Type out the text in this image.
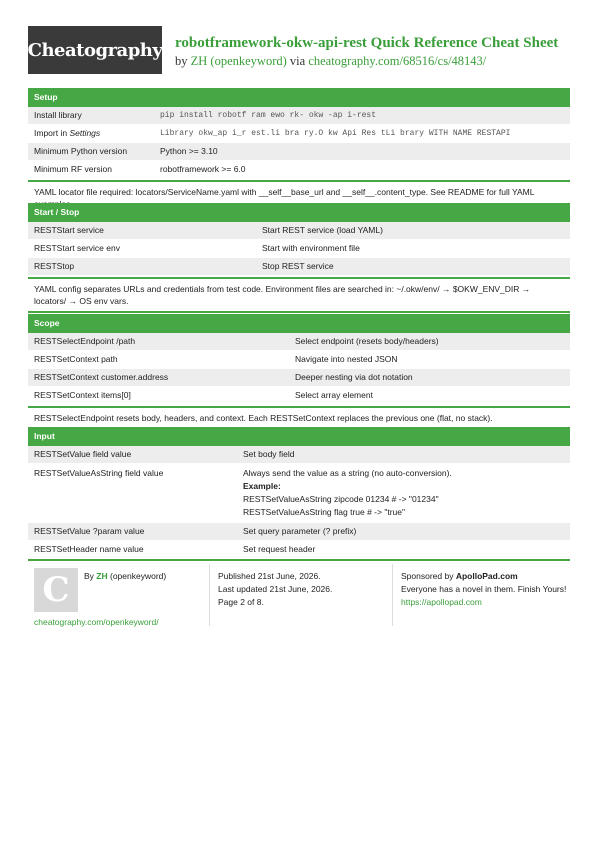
Cheatography robotframework-okw-api-rest Quick Reference Cheat Sheet
by ZH (openkeyword) via cheatography.com/68516/cs/48143/
Setup
Install library	pip install robotf ram ewo rk- okw -ap i-rest
Import in Settings	Library okw_ap i_r est.li bra ry.O kw Api Res tLi brary WITH NAME RESTAPI
Minimum Python version	Python >= 3.10
Minimum RF version	robotframework >= 6.0
YAML locator file required: locators/ServiceName.yaml with __self__base_url and __self__.content_type. See README for full YAML
Start / Stop
RESTStart service	Start REST service (load YAML)
RESTStart service env	Start with environment file
RESTStop	Stop REST service
YAML config separates URLs and credentials from test code. Environment files are searched in: ~/.okw/env/ → $OKW_ENV_DIR → locators/ → OS env vars.
Scope
RESTSelectEndpoint /path	Select endpoint (resets body/headers)
RESTSetContext path	Navigate into nested JSON
RESTSetContext customer.address	Deeper nesting via dot notation
RESTSetContext items[0]	Select array element
RESTSelectEndpoint resets body, headers, and context. Each RESTSetContext replaces the previous one (flat, no stack).
Input
RESTSetValue field value	Set body field
RESTSetValueAsString field value	Always send the value as a string (no auto-conversion).
Example:
RESTSetValueAsString zipcode 01234 # -> "01234"
RESTSetValueAsString flag true # -> "true"
RESTSetValue ?param value	Set query parameter (? prefix)
RESTSetHeader name value	Set request header
C	By ZH (openkeyword)
cheatography.com/openkeyword/
Published 21st June, 2026.
Last updated 21st June, 2026.
Page 2 of 8.
Sponsored by ApolloPad.com
Everyone has a novel in them. Finish Yours!
https://apollopad.com
